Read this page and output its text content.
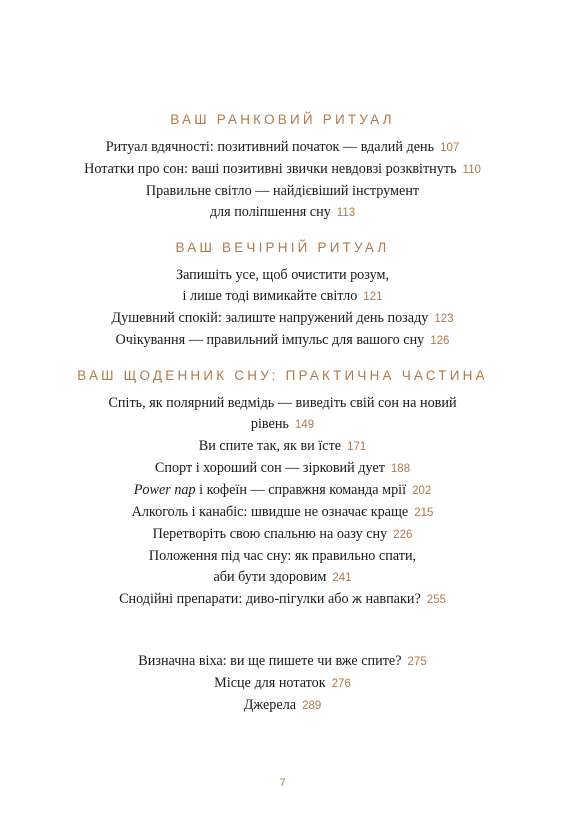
ВАШ РАНКОВИЙ РИТУАЛ

Ритуал вдячності: позитивний початок — вдалий день 107

Нотатки про сон: ваші позитивні звички невдовзі розквітнуть 110

Правильне світло — найдієвіший інструмент
для поліпшення сну 113

ВАШ ВЕЧІРНІЙ РИТУАЛ

Запишіть усе, щоб очистити розум,
і лише тоді вимикайте світло 121

Душевний спокій: залиште напружений день позаду 123

Очікування — правильний імпульс для вашого сну 126

ВАШ ЩОДЕННИК СНУ: ПРАКТИЧНА ЧАСТИНА

Спіть, як полярний ведмідь — виведіть свій сон на новий
рівень 149

Ви спите так, як ви їсте 171

Спорт і хороший сон — зірковий дует 188

Power nap і кофеїн — справжня команда мрії 202

Алкоголь і канабіс: швидше не означає краще 215

Перетворіть свою спальню на оазу сну 226

Положення під час сну: як правильно спати,
аби бути здоровим 241

Снодійні препарати: диво-пігулки або ж навпаки? 255

Визначна віха: ви ще пишете чи вже спите? 275

Місце для нотаток 276

Джерела 289

7
